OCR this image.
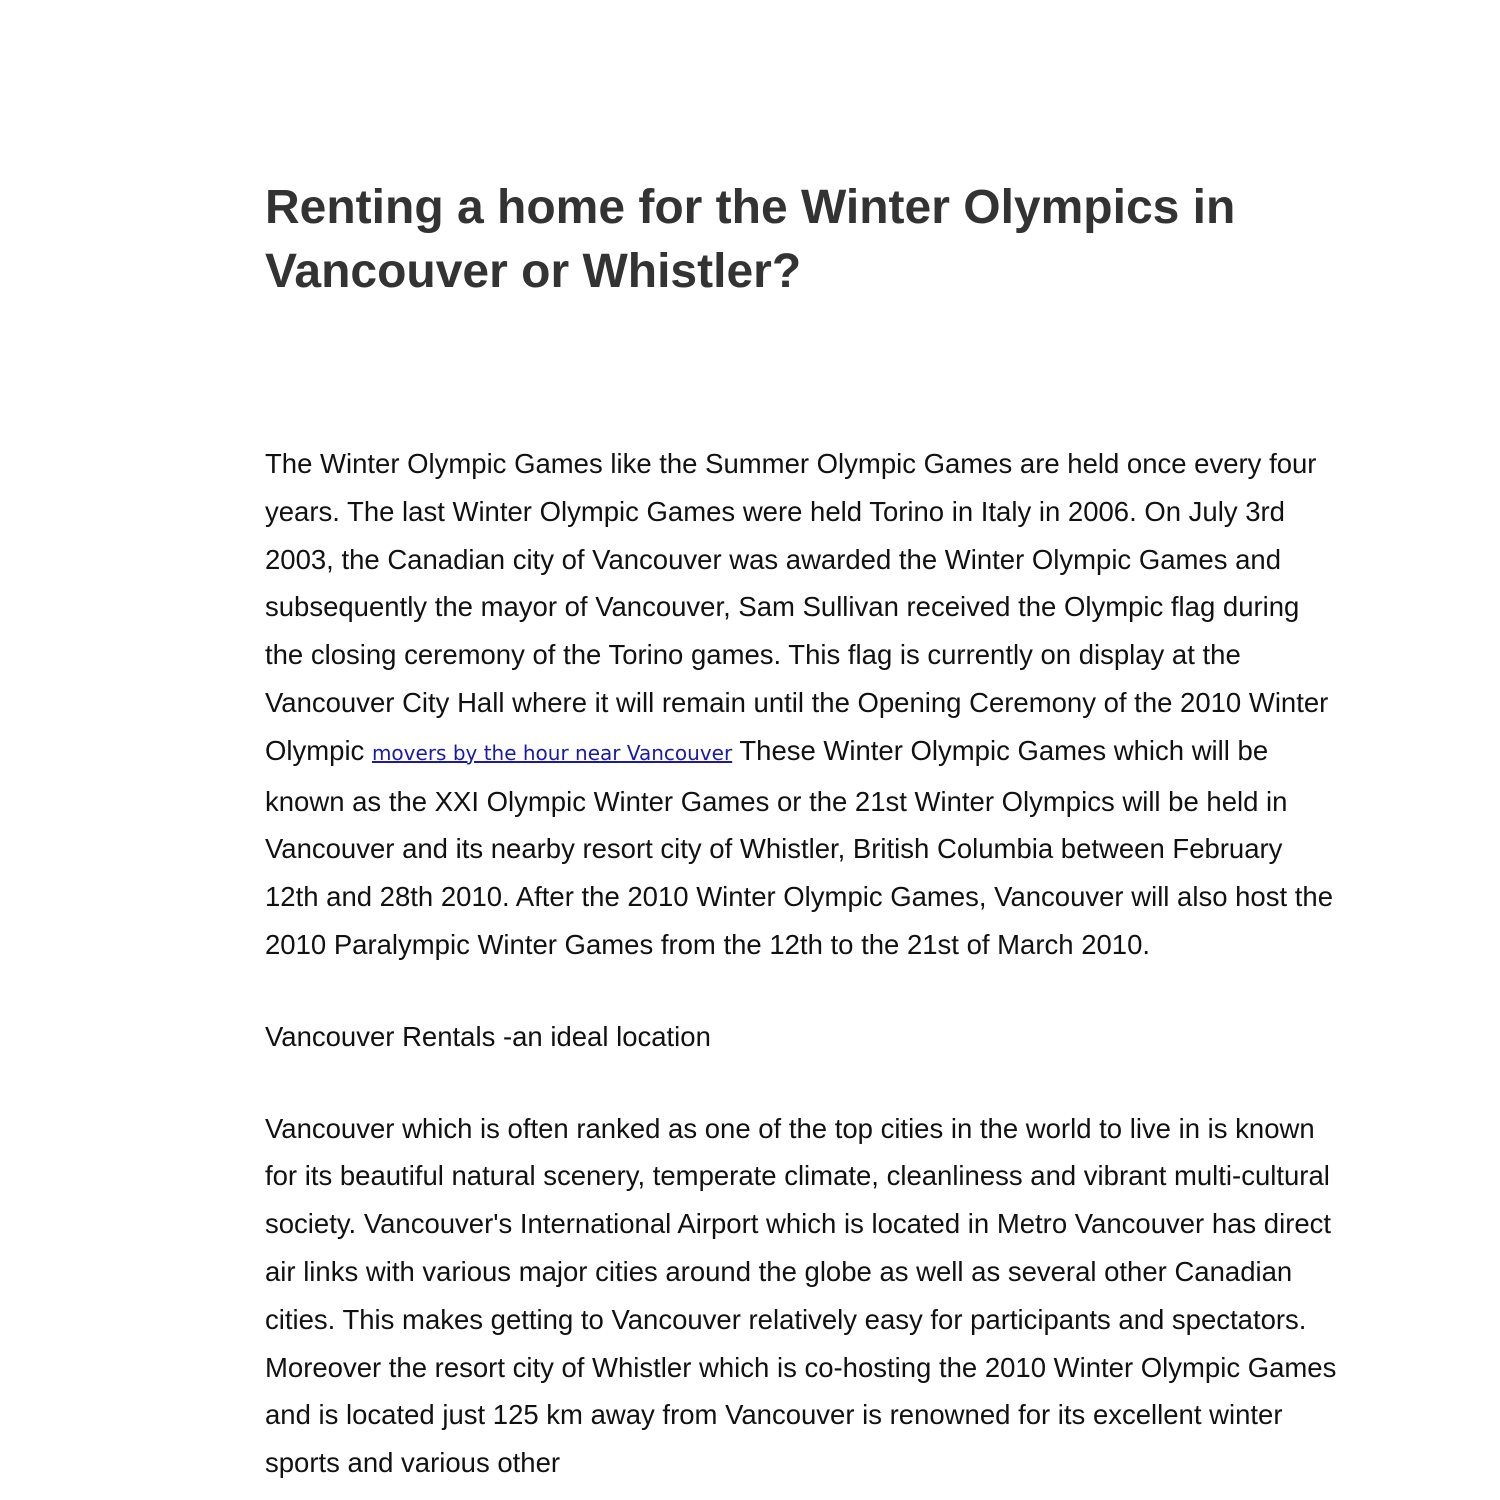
Renting a home for the Winter Olympics in Vancouver or Whistler?

The Winter Olympic Games like the Summer Olympic Games are held once every four years. The last Winter Olympic Games were held Torino in Italy in 2006. On July 3rd 2003, the Canadian city of Vancouver was awarded the Winter Olympic Games and subsequently the mayor of Vancouver, Sam Sullivan received the Olympic flag during the closing ceremony of the Torino games. This flag is currently on display at the Vancouver City Hall where it will remain until the Opening Ceremony of the 2010 Winter Olympic movers by the hour near Vancouver These Winter Olympic Games which will be known as the XXI Olympic Winter Games or the 21st Winter Olympics will be held in Vancouver and its nearby resort city of Whistler, British Columbia between February 12th and 28th 2010. After the 2010 Winter Olympic Games, Vancouver will also host the 2010 Paralympic Winter Games from the 12th to the 21st of March 2010.

Vancouver Rentals -an ideal location

Vancouver which is often ranked as one of the top cities in the world to live in is known for its beautiful natural scenery, temperate climate, cleanliness and vibrant multi-cultural society. Vancouver's International Airport which is located in Metro Vancouver has direct air links with various major cities around the globe as well as several other Canadian cities. This makes getting to Vancouver relatively easy for participants and spectators. Moreover the resort city of Whistler which is co-hosting the 2010 Winter Olympic Games and is located just 125 km away from Vancouver is renowned for its excellent winter sports and various other
